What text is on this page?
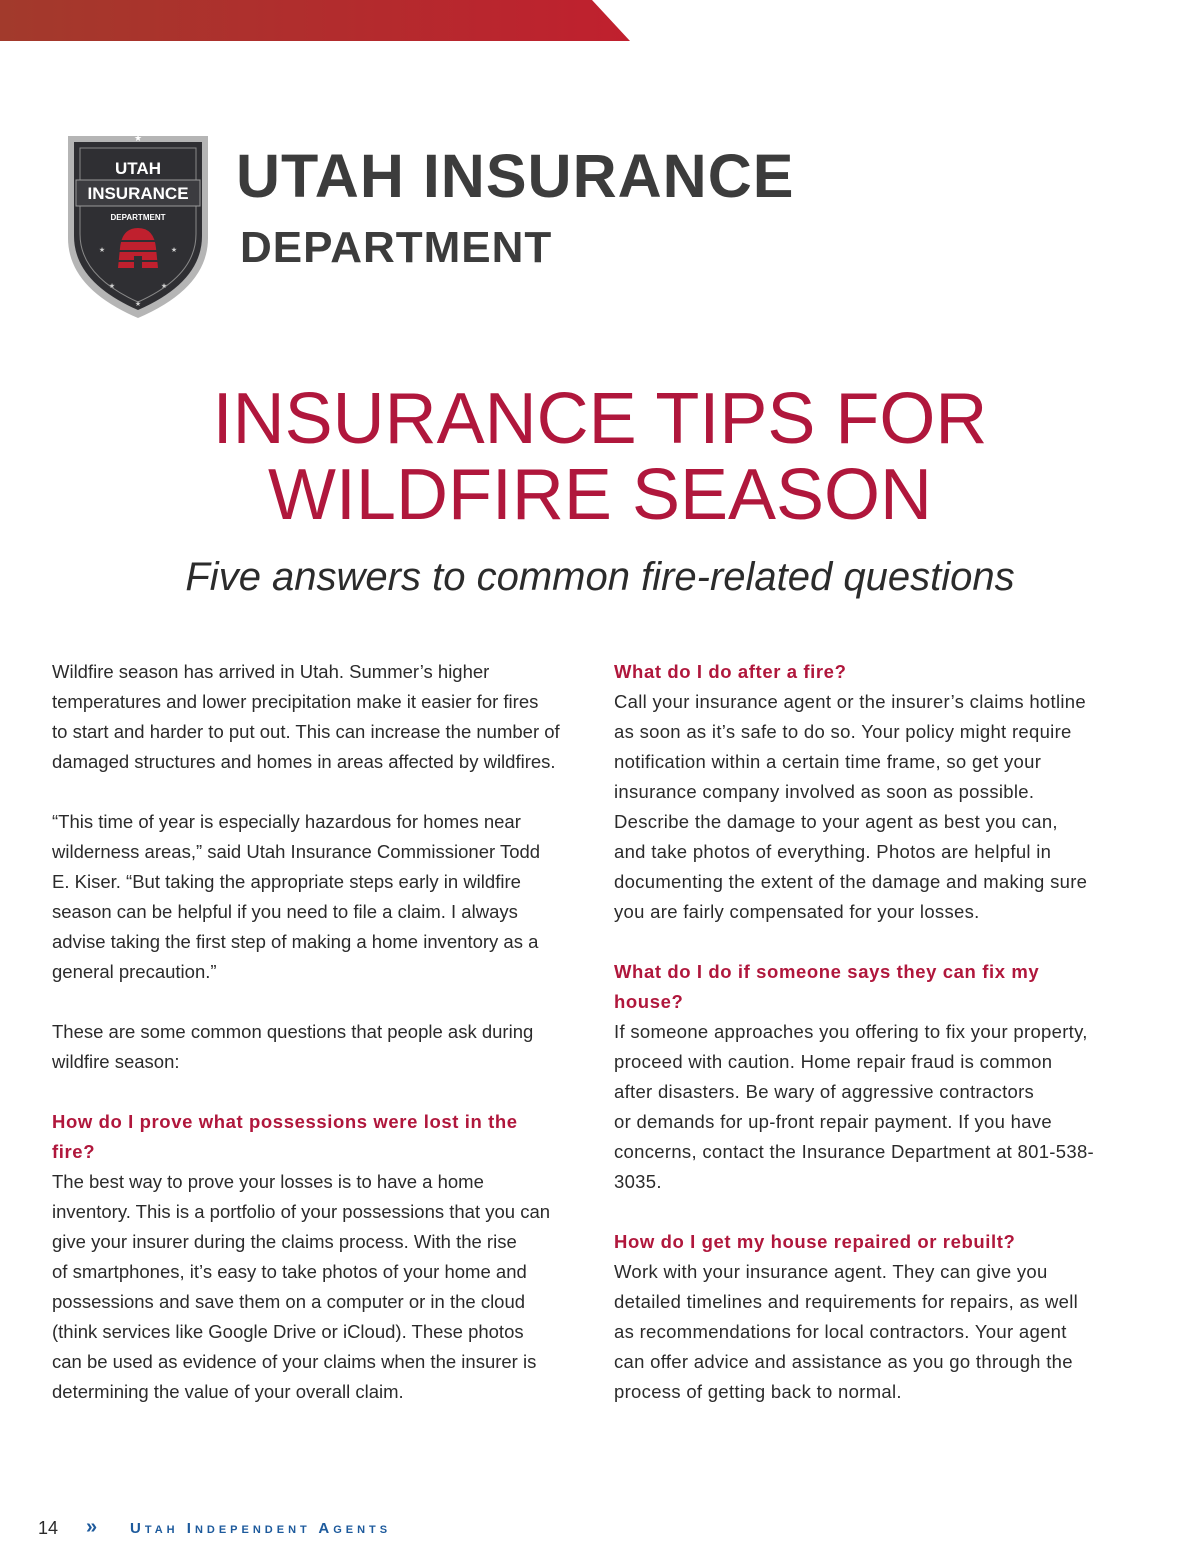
★
UTAH
INSURANCE
DEPARTMENT
★	★
★	★
★
UTAH INSURANCE
DEPARTMENT
INSURANCE TIPS FOR
WILDFIRE SEASON
Five answers to common fire-related questions
Wildfire season has arrived in Utah. Summer’s higher
temperatures and lower precipitation make it easier for fires
to start and harder to put out. This can increase the number of
damaged structures and homes in areas affected by wildfires.
“This time of year is especially hazardous for homes near
wilderness areas,” said Utah Insurance Commissioner Todd
E. Kiser. “But taking the appropriate steps early in wildfire
season can be helpful if you need to file a claim. I always
advise taking the first step of making a home inventory as a
general precaution.”
These are some common questions that people ask during
wildfire season:
How do I prove what possessions were lost in the
fire?
The best way to prove your losses is to have a home
inventory. This is a portfolio of your possessions that you can
give your insurer during the claims process. With the rise
of smartphones, it’s easy to take photos of your home and
possessions and save them on a computer or in the cloud
(think services like Google Drive or iCloud). These photos
can be used as evidence of your claims when the insurer is
determining the value of your overall claim.
What do I do after a fire?
Call your insurance agent or the insurer’s claims hotline
as soon as it’s safe to do so. Your policy might require
notification within a certain time frame, so get your
insurance company involved as soon as possible.
Describe the damage to your agent as best you can,
and take photos of everything. Photos are helpful in
documenting the extent of the damage and making sure
you are fairly compensated for your losses.
What do I do if someone says they can fix my
house?
If someone approaches you offering to fix your property,
proceed with caution. Home repair fraud is common
after disasters. Be wary of aggressive contractors
or demands for up-front repair payment. If you have
concerns, contact the Insurance Department at 801-538-
3035.
How do I get my house repaired or rebuilt?
Work with your insurance agent. They can give you
detailed timelines and requirements for repairs, as well
as recommendations for local contractors. Your agent
can offer advice and assistance as you go through the
process of getting back to normal.
14 » Utah Independent Agents
